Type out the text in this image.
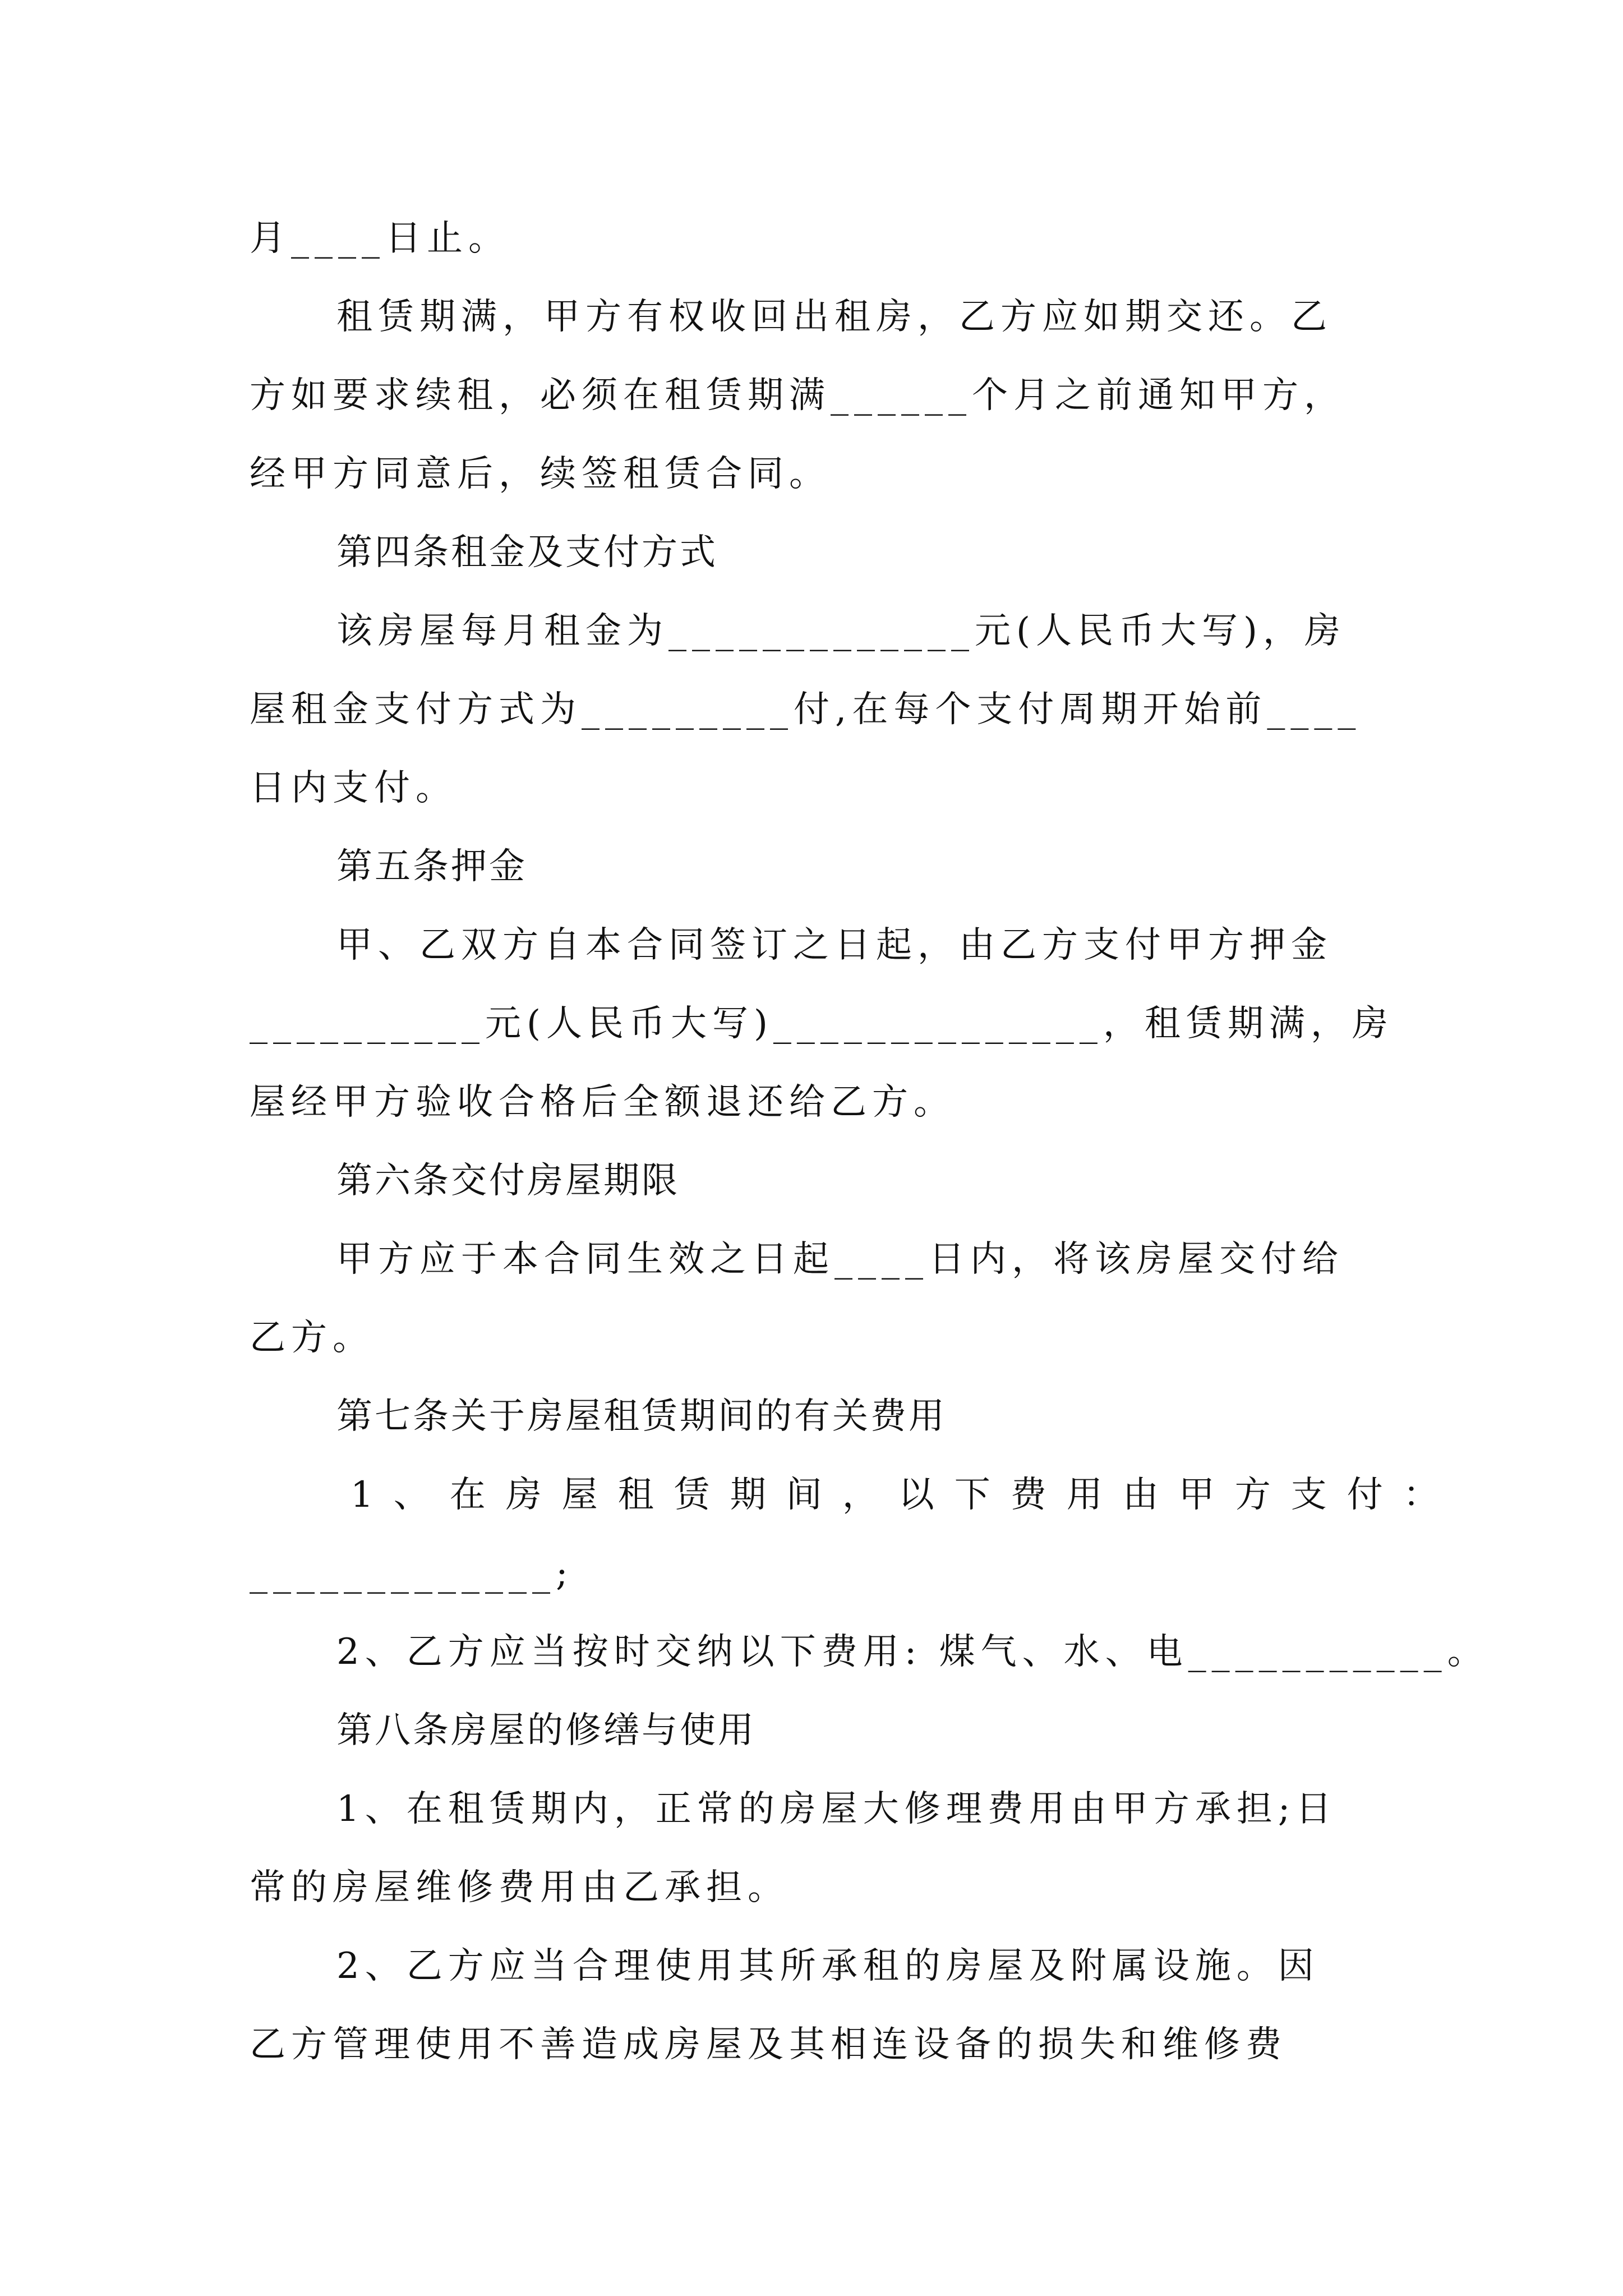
月____日止。
租赁期满，甲方有权收回出租房，乙方应如期交还。乙
方如要求续租，必须在租赁期满______个月之前通知甲方，
经甲方同意后，续签租赁合同。
第四条租金及支付方式
该房屋每月租金为_____________元(人民币大写)，房
屋租金支付方式为_________付,在每个支付周期开始前____
日内支付。
第五条押金
甲、乙双方自本合同签订之日起，由乙方支付甲方押金
__________元(人民币大写)______________，租赁期满，房
屋经甲方验收合格后全额退还给乙方。
第六条交付房屋期限
甲方应于本合同生效之日起____日内，将该房屋交付给
乙方。
第七条关于房屋租赁期间的有关费用
1、在房屋租赁期间，以下费用由甲方支付：
_____________;
2、乙方应当按时交纳以下费用: 煤气、水、电___________。
第八条房屋的修缮与使用
1、在租赁期内，正常的房屋大修理费用由甲方承担;日
常的房屋维修费用由乙承担。
2、乙方应当合理使用其所承租的房屋及附属设施。因
乙方管理使用不善造成房屋及其相连设备的损失和维修费
